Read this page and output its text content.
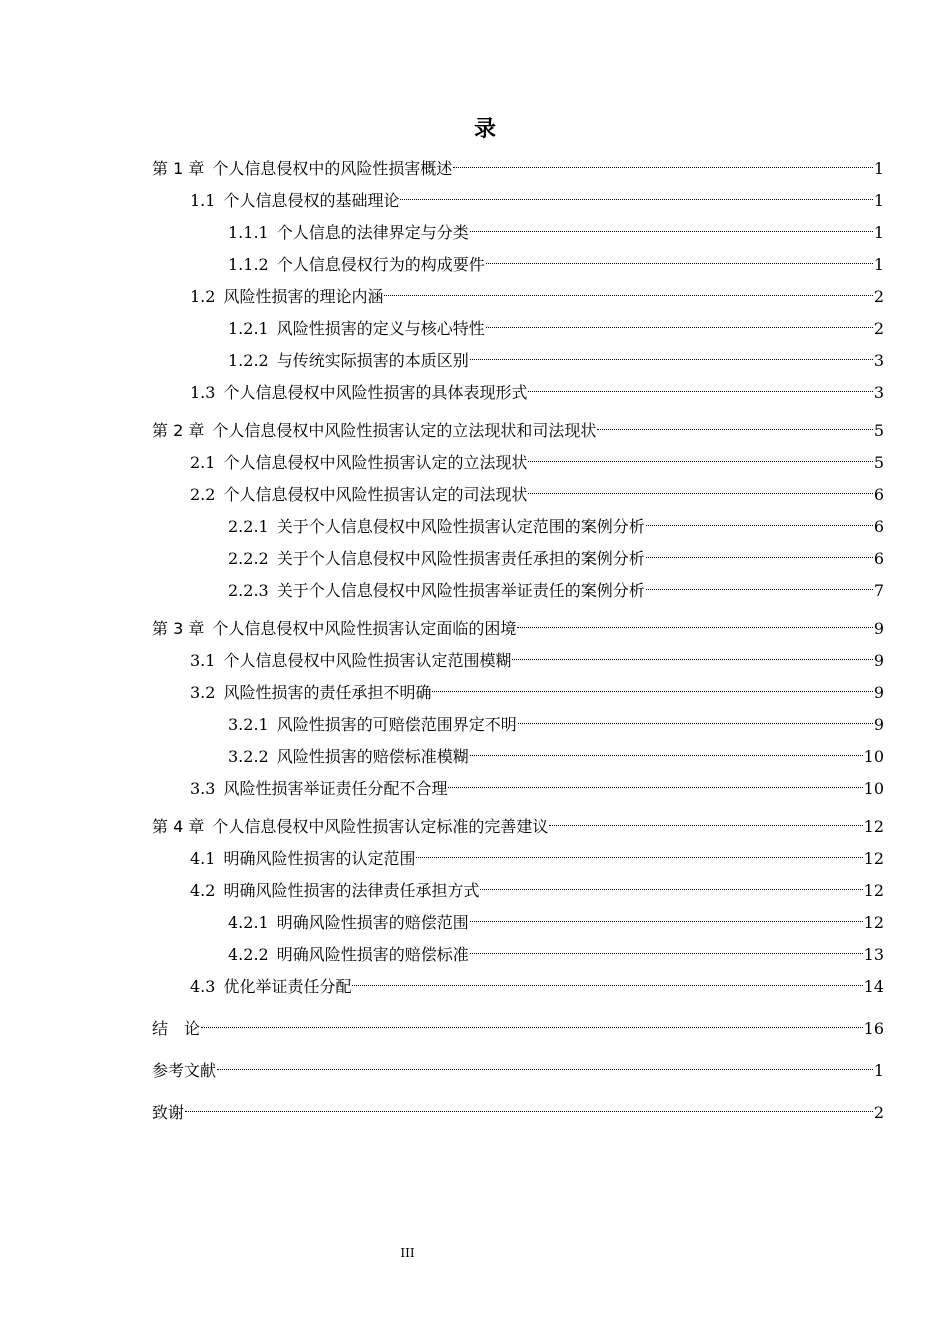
录
第 1 章 个人信息侵权中的风险性损害概述	1
1.1 个人信息侵权的基础理论	1
1.1.1 个人信息的法律界定与分类	1
1.1.2 个人信息侵权行为的构成要件	1
1.2 风险性损害的理论内涵	2
1.2.1 风险性损害的定义与核心特性	2
1.2.2 与传统实际损害的本质区别	3
1.3 个人信息侵权中风险性损害的具体表现形式	3
第 2 章 个人信息侵权中风险性损害认定的立法现状和司法现状	5
2.1 个人信息侵权中风险性损害认定的立法现状	5
2.2 个人信息侵权中风险性损害认定的司法现状	6
2.2.1 关于个人信息侵权中风险性损害认定范围的案例分析	6
2.2.2 关于个人信息侵权中风险性损害责任承担的案例分析	6
2.2.3 关于个人信息侵权中风险性损害举证责任的案例分析	7
第 3 章 个人信息侵权中风险性损害认定面临的困境	9
3.1 个人信息侵权中风险性损害认定范围模糊	9
3.2 风险性损害的责任承担不明确	9
3.2.1 风险性损害的可赔偿范围界定不明	9
3.2.2 风险性损害的赔偿标准模糊	10
3.3 风险性损害举证责任分配不合理	10
第 4 章 个人信息侵权中风险性损害认定标准的完善建议	12
4.1 明确风险性损害的认定范围	12
4.2 明确风险性损害的法律责任承担方式	12
4.2.1 明确风险性损害的赔偿范围	12
4.2.2 明确风险性损害的赔偿标准	13
4.3 优化举证责任分配	14
结　论	16
参考文献	1
致谢	2
III
